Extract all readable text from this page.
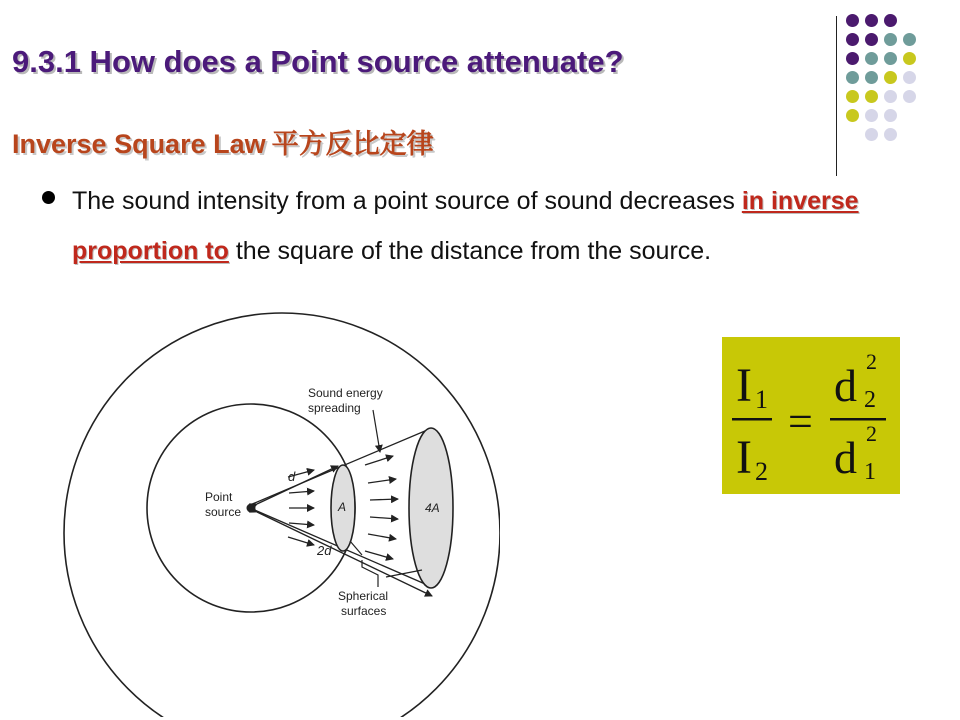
9.3.1 How does a Point source attenuate?
Inverse Square Law 平方反比定律
The sound intensity from a point source of sound decreases in inverse proportion to the square of the distance from the source.
Point
source
Sound energy
spreading
d
2d
A	4A
Spherical
surfaces
I 1
I 2
=
d 2
2
d 2
1
